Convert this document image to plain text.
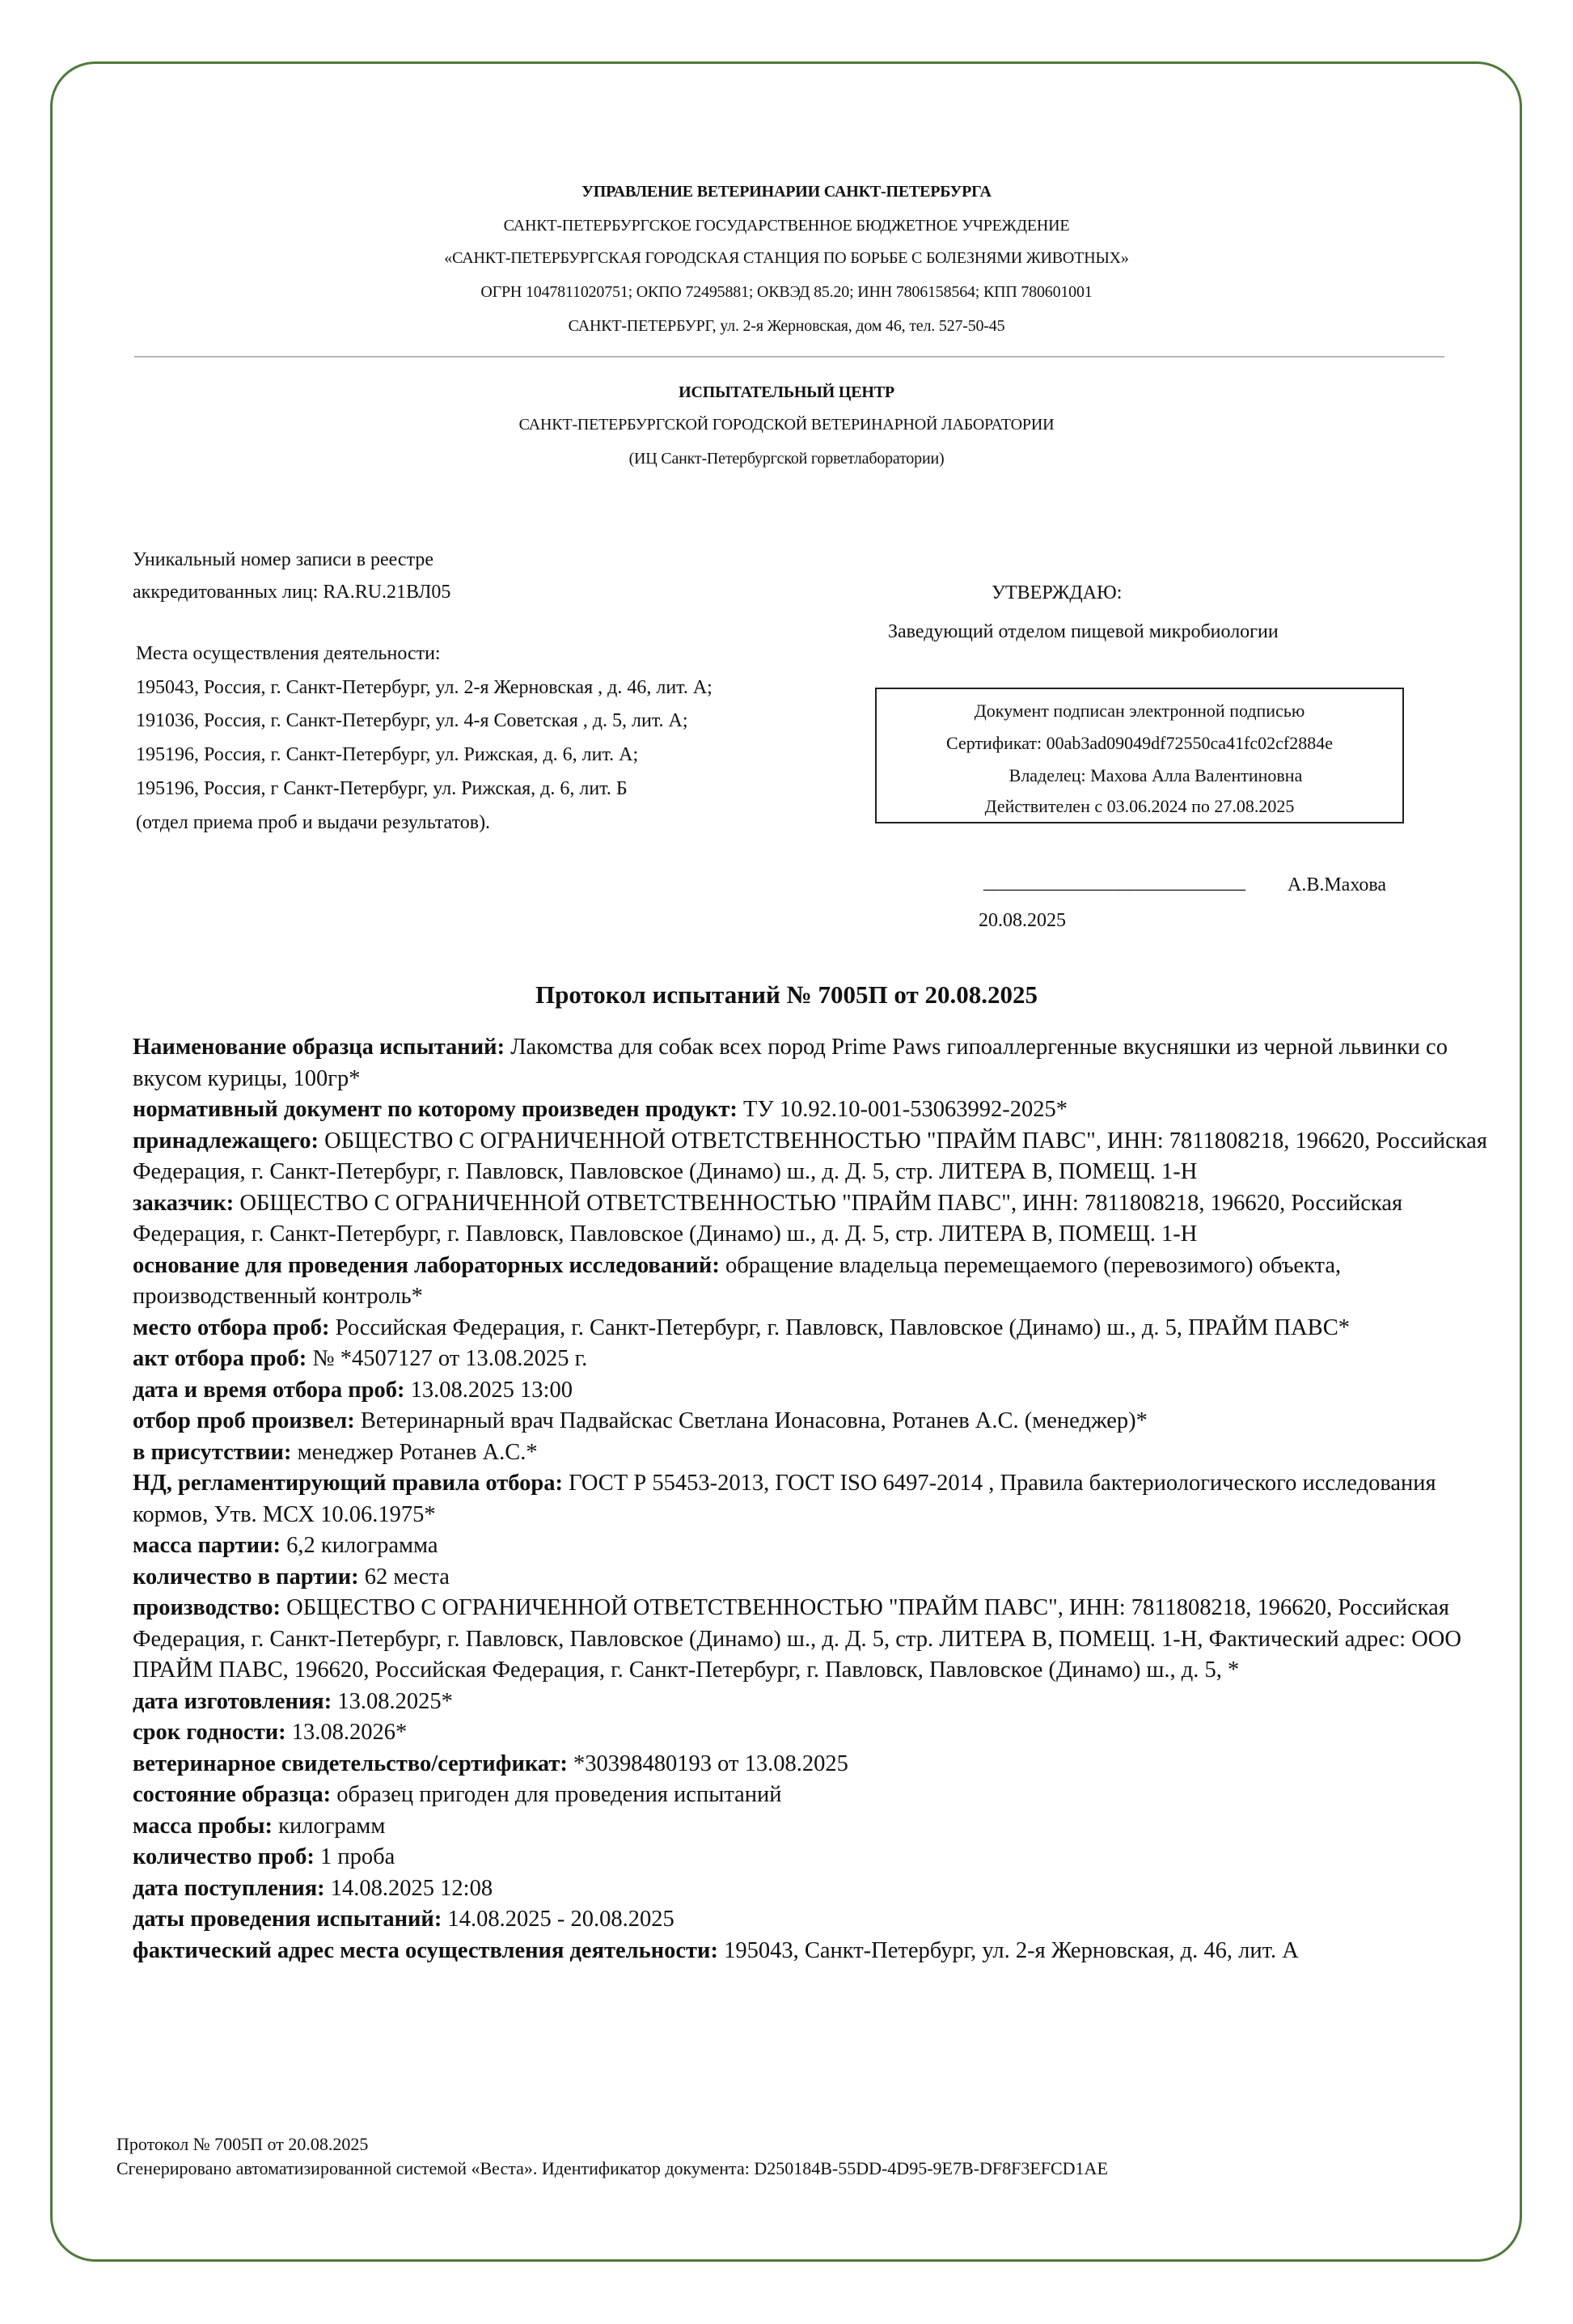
УПРАВЛЕНИЕ ВЕТЕРИНАРИИ САНКТ-ПЕТЕРБУРГА
САНКТ-ПЕТЕРБУРГСКОЕ ГОСУДАРСТВЕННОЕ БЮДЖЕТНОЕ УЧРЕЖДЕНИЕ
«САНКТ-ПЕТЕРБУРГСКАЯ ГОРОДСКАЯ СТАНЦИЯ ПО БОРЬБЕ С БОЛЕЗНЯМИ ЖИВОТНЫХ»
ОГРН 1047811020751; ОКПО 72495881; ОКВЭД 85.20; ИНН 7806158564; КПП 780601001
САНКТ-ПЕТЕРБУРГ, ул. 2-я Жерновская, дом 46, тел. 527-50-45
ИСПЫТАТЕЛЬНЫЙ ЦЕНТР
САНКТ-ПЕТЕРБУРГСКОЙ ГОРОДСКОЙ ВЕТЕРИНАРНОЙ ЛАБОРАТОРИИ
(ИЦ Санкт-Петербургской горветлаборатории)
Уникальный номер записи в реестре
аккредитованных лиц: RA.RU.21ВЛ05
Места осуществления деятельности:
195043, Россия, г. Санкт-Петербург, ул. 2-я Жерновская , д. 46, лит. А;
191036, Россия, г. Санкт-Петербург, ул. 4-я Советская , д. 5, лит. А;
195196, Россия, г. Санкт-Петербург, ул. Рижская, д. 6, лит. А;
195196, Россия, г Санкт-Петербург, ул. Рижская, д. 6, лит. Б
(отдел приема проб и выдачи результатов).
УТВЕРЖДАЮ:
Заведующий отделом пищевой микробиологии
Документ подписан электронной подписью
Сертификат: 00ab3ad09049df72550ca41fc02cf2884e
Владелец: Махова Алла Валентиновна
Действителен с 03.06.2024 по 27.08.2025
___________________________ А.В.Махова
20.08.2025
Протокол испытаний № 7005П от 20.08.2025

Наименование образца испытаний: Лакомства для собак всех пород Prime Paws гипоаллергенные вкусняшки из черной львинки со вкусом курицы, 100гр*

нормативный документ по которому произведен продукт: ТУ 10.92.10-001-53063992-2025*

принадлежащего: ОБЩЕСТВО С ОГРАНИЧЕННОЙ ОТВЕТСТВЕННОСТЬЮ "ПРАЙМ ПАВС", ИНН: 7811808218, 196620, Российская Федерация, г. Санкт-Петербург, г. Павловск, Павловское (Динамо) ш., д. Д. 5, стр. ЛИТЕРА В, ПОМЕЩ. 1-Н

заказчик: ОБЩЕСТВО С ОГРАНИЧЕННОЙ ОТВЕТСТВЕННОСТЬЮ "ПРАЙМ ПАВС", ИНН: 7811808218, 196620, Российская Федерация, г. Санкт-Петербург, г. Павловск, Павловское (Динамо) ш., д. Д. 5, стр. ЛИТЕРА В, ПОМЕЩ. 1-Н

основание для проведения лабораторных исследований: обращение владельца перемещаемого (перевозимого) объекта, производственный контроль*

место отбора проб: Российская Федерация, г. Санкт-Петербург, г. Павловск, Павловское (Динамо) ш., д. 5, ПРАЙМ ПАВС*

акт отбора проб: № *4507127 от 13.08.2025 г.

дата и время отбора проб: 13.08.2025 13:00

отбор проб произвел: Ветеринарный врач Падвайскас Светлана Ионасовна, Ротанев А.С. (менеджер)*

в присутствии: менеджер Ротанев А.С.*

НД, регламентирующий правила отбора: ГОСТ Р 55453-2013, ГОСТ ISO 6497-2014 , Правила бактериологического исследования кормов, Утв. МСХ 10.06.1975*

масса партии: 6,2 килограмма

количество в партии: 62 места

производство: ОБЩЕСТВО С ОГРАНИЧЕННОЙ ОТВЕТСТВЕННОСТЬЮ "ПРАЙМ ПАВС", ИНН: 7811808218, 196620, Российская Федерация, г. Санкт-Петербург, г. Павловск, Павловское (Динамо) ш., д. Д. 5, стр. ЛИТЕРА В, ПОМЕЩ. 1-Н, Фактический адрес: ООО ПРАЙМ ПАВС, 196620, Российская Федерация, г. Санкт-Петербург, г. Павловск, Павловское (Динамо) ш., д. 5, *

дата изготовления: 13.08.2025*

срок годности: 13.08.2026*

ветеринарное свидетельство/сертификат: *30398480193 от 13.08.2025

состояние образца: образец пригоден для проведения испытаний

масса пробы: килограмм

количество проб: 1 проба

дата поступления: 14.08.2025 12:08

даты проведения испытаний: 14.08.2025 - 20.08.2025

фактический адрес места осуществления деятельности: 195043, Санкт-Петербург, ул. 2-я Жерновская, д. 46, лит. А

Протокол № 7005П от 20.08.2025
Сгенерировано автоматизированной системой «Веста». Идентификатор документа: D250184B-55DD-4D95-9E7B-DF8F3EFCD1AE
